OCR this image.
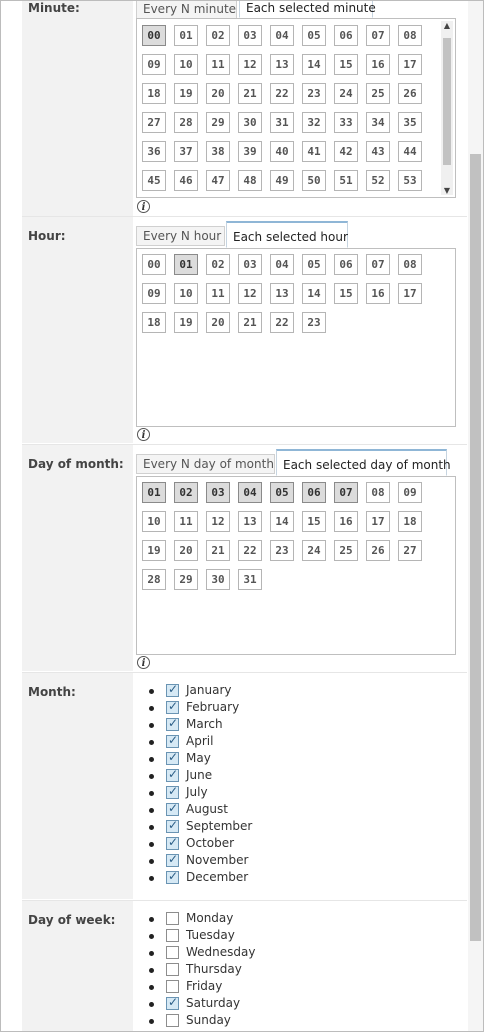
Minute:	Every N minute Each selected minute
00 01 02 03 04 05 06 07 0809 10 11 12 13 14 15 16 1718 19 20 21 22 23 24 25 2627 28 29 30 31 32 33 34 3536 37 38 39 40 41 42 43 4445 46 47 48 49 50 51 52 53
▲
▼
i
Hour:	Every N hour Each selected hour
00 01 02 03 04 05 06 07 0809 10 11 12 13 14 15 16 1718 19 20 21 22 23
i
Day of month:	Every N day of month Each selected day of month
01 02 03 04 05 06 07 08 0910 11 12 13 14 15 16 17 1819 20 21 22 23 24 25 26 2728 29 30 31
i
Month:
✓	January
✓
February
✓
March
✓
April
✓
May
✓
June
✓
July
✓
August
✓
September
✓
October
✓
November
✓
December
Day of week:	Monday
Tuesday
Wednesday
Thursday
Friday
✓
Saturday
Sunday
